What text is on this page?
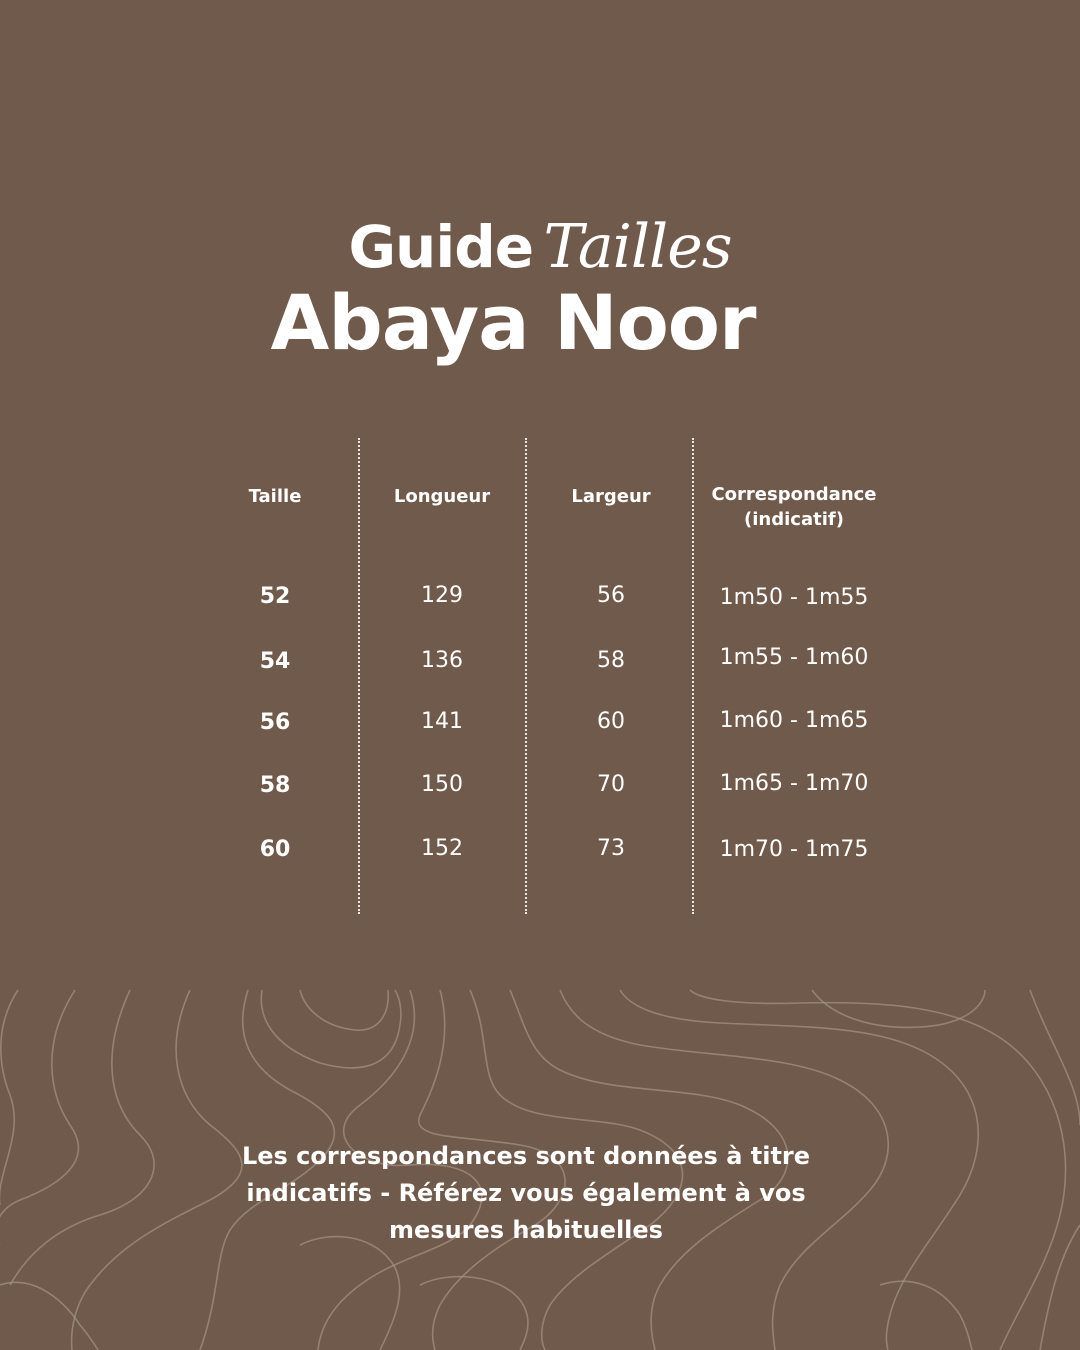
Guide Tailles
Abaya Noor
Taille	Longueur	Largeur	Correspondance
(indicatif)
52	129	56	1m50 - 1m55
54	136	58	1m55 - 1m60
56	141	60	1m60 - 1m65
58	150	70	1m65 - 1m70
60	152	73	1m70 - 1m75
Les correspondances sont données à titre indicatifs - Référez vous également à vos mesures habituelles
